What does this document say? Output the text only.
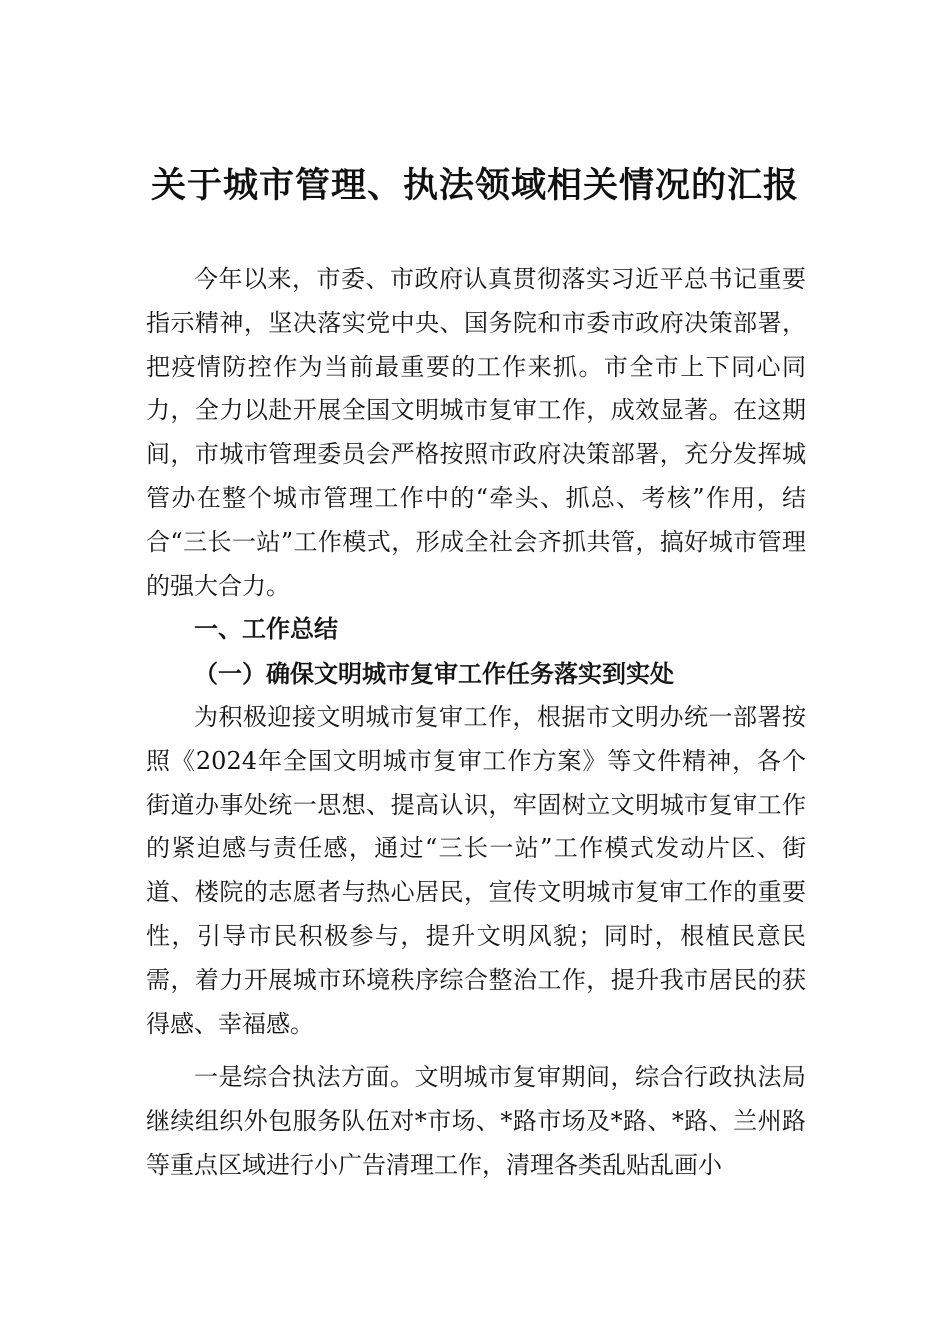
关于城市管理、执法领域相关情况的汇报

今年以来，市委、市政府认真贯彻落实习近平总书记重要指示精神，坚决落实党中央、国务院和市委市政府决策部署，把疫情防控作为当前最重要的工作来抓。市全市上下同心同力，全力以赴开展全国文明城市复审工作，成效显著。在这期间，市城市管理委员会严格按照市政府决策部署，充分发挥城管办在整个城市管理工作中的“牵头、抓总、考核”作用，结合“三长一站”工作模式，形成全社会齐抓共管，搞好城市管理的强大合力。

一、工作总结
（一）确保文明城市复审工作任务落实到实处

为积极迎接文明城市复审工作，根据市文明办统一部署按照《2024年全国文明城市复审工作方案》等文件精神，各个街道办事处统一思想、提高认识，牢固树立文明城市复审工作的紧迫感与责任感，通过“三长一站”工作模式发动片区、街道、楼院的志愿者与热心居民，宣传文明城市复审工作的重要性，引导市民积极参与，提升文明风貌；同时，根植民意民需，着力开展城市环境秩序综合整治工作，提升我市居民的获得感、幸福感。

一是综合执法方面。文明城市复审期间，综合行政执法局继续组织外包服务队伍对*市场、*路市场及*路、*路、兰州路等重点区域进行小广告清理工作，清理各类乱贴乱画小
